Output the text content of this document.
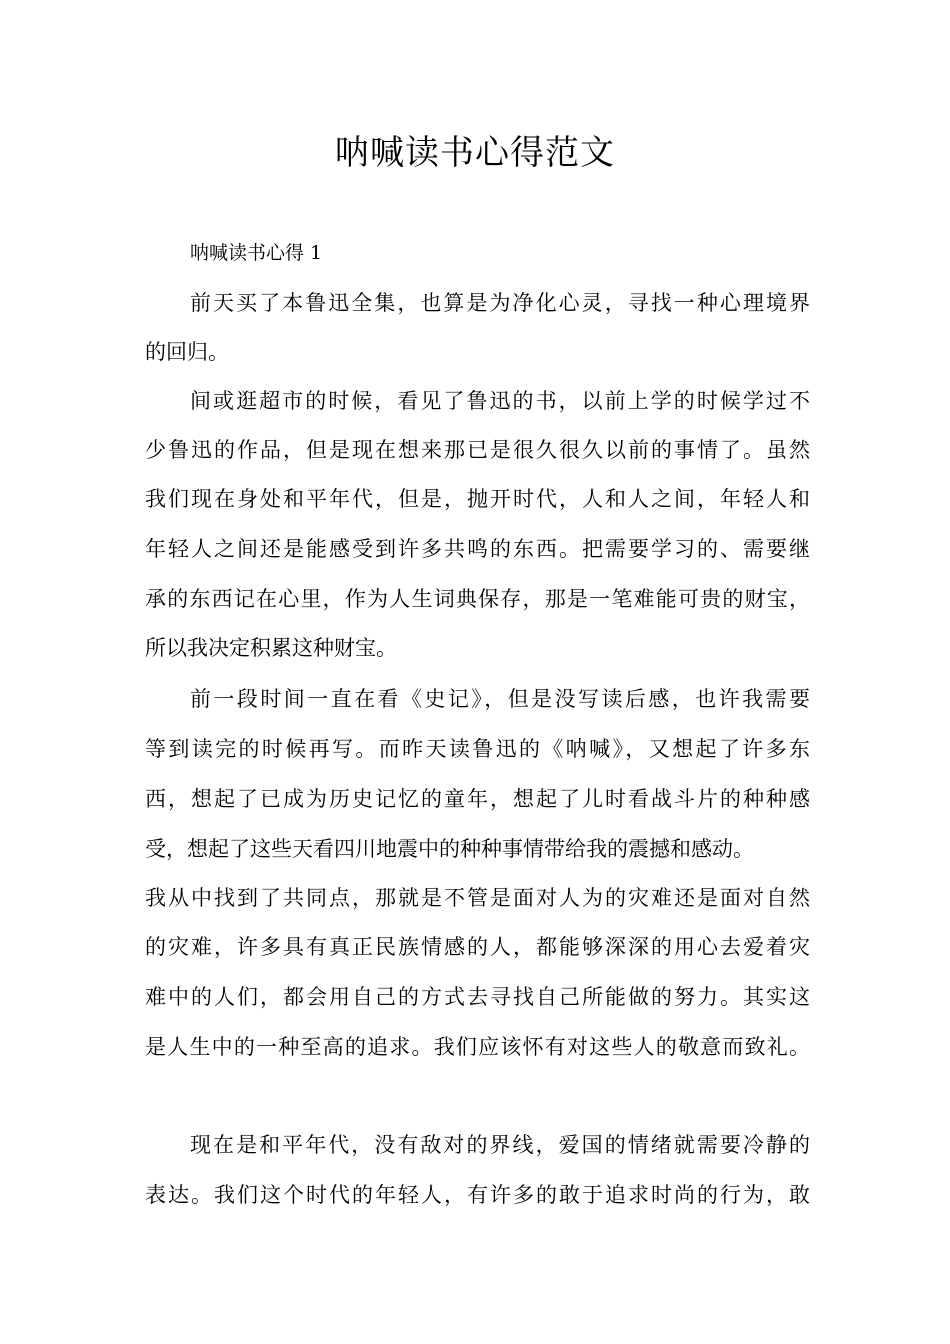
呐喊读书心得范文
呐喊读书心得 1
前天买了本鲁迅全集，也算是为净化心灵，寻找一种心理境界
的回归。
间或逛超市的时候，看见了鲁迅的书，以前上学的时候学过不
少鲁迅的作品，但是现在想来那已是很久很久以前的事情了。虽然
我们现在身处和平年代，但是，抛开时代，人和人之间，年轻人和
年轻人之间还是能感受到许多共鸣的东西。把需要学习的、需要继
承的东西记在心里，作为人生词典保存，那是一笔难能可贵的财宝，
所以我决定积累这种财宝。
前一段时间一直在看《史记》，但是没写读后感，也许我需要
等到读完的时候再写。而昨天读鲁迅的《呐喊》，又想起了许多东
西，想起了已成为历史记忆的童年，想起了儿时看战斗片的种种感
受，想起了这些天看四川地震中的种种事情带给我的震撼和感动。
我从中找到了共同点，那就是不管是面对人为的灾难还是面对自然
的灾难，许多具有真正民族情感的人，都能够深深的用心去爱着灾
难中的人们，都会用自己的方式去寻找自己所能做的努力。其实这
是人生中的一种至高的追求。我们应该怀有对这些人的敬意而致礼。
现在是和平年代，没有敌对的界线，爱国的情绪就需要冷静的
表达。我们这个时代的年轻人，有许多的敢于追求时尚的行为，敢
